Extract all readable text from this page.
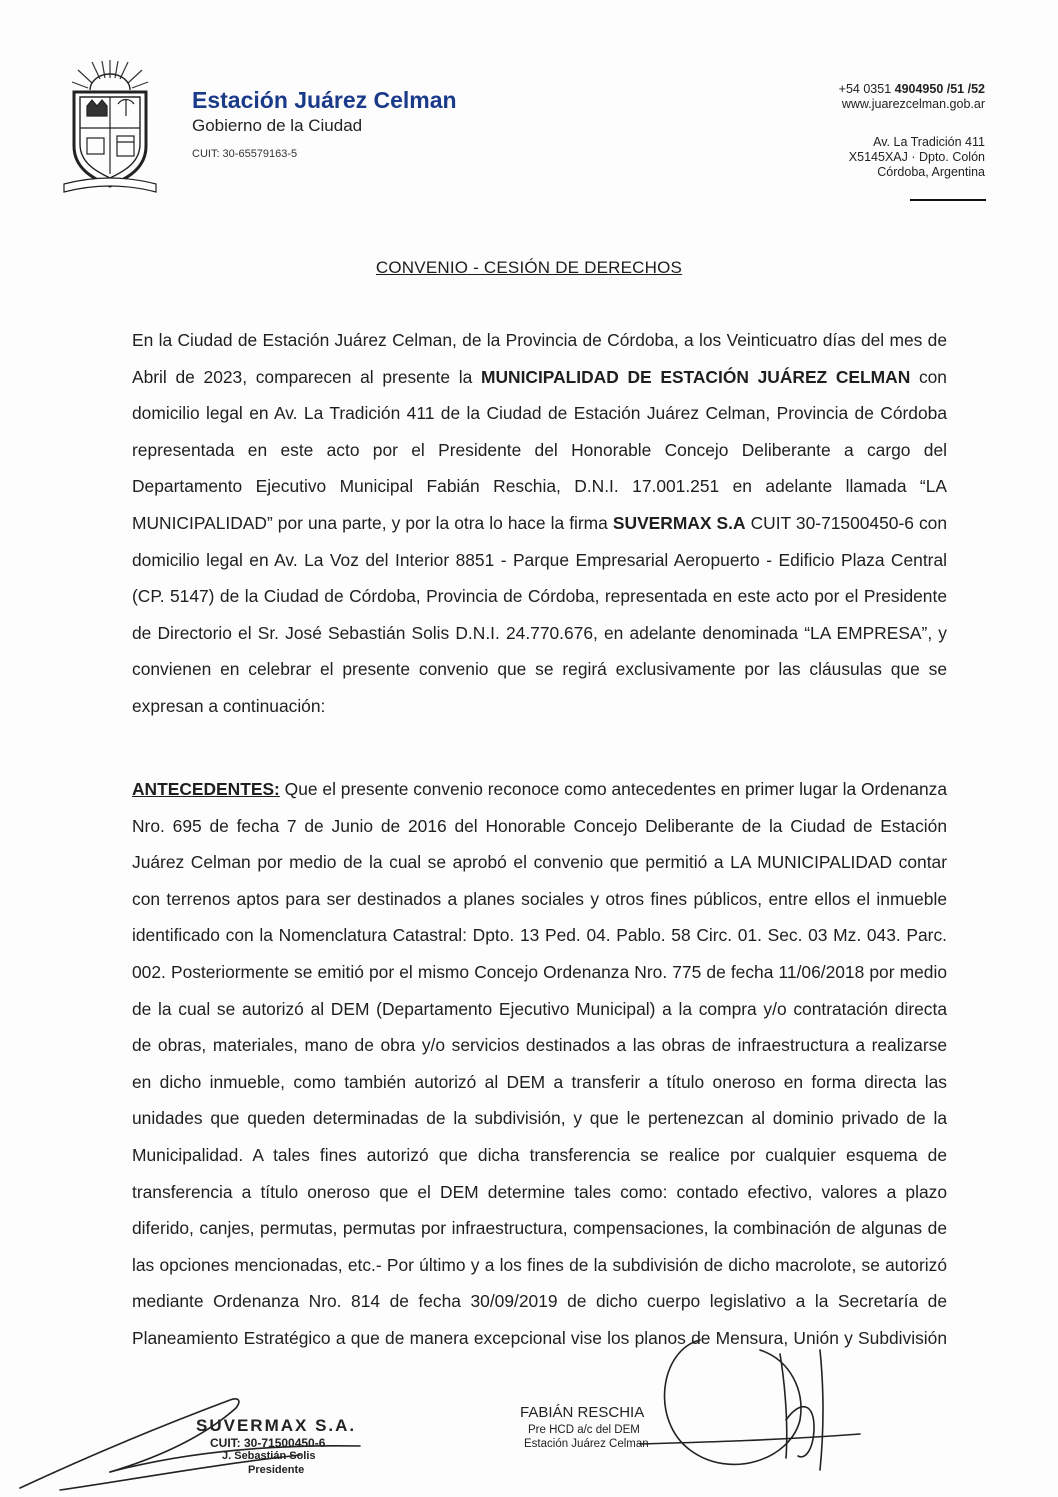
Estación Juárez Celman
Gobierno de la Ciudad
CUIT: 30-65579163-5
+54 0351 4904950 /51 /52
www.juarezcelman.gob.ar
Av. La Tradición 411
X5145XAJ · Dpto. Colón
Córdoba, Argentina
CONVENIO - CESIÓN DE DERECHOS
En la Ciudad de Estación Juárez Celman, de la Provincia de Córdoba, a los Veinticuatro días del mes de
Abril de 2023, comparecen al presente la MUNICIPALIDAD DE ESTACIÓN JUÁREZ CELMAN con
domicilio legal en Av. La Tradición 411 de la Ciudad de Estación Juárez Celman, Provincia de Córdoba
representada en este acto por el Presidente del Honorable Concejo Deliberante a cargo del
Departamento Ejecutivo Municipal Fabián Reschia, D.N.I. 17.001.251 en adelante llamada “LA
MUNICIPALIDAD” por una parte, y por la otra lo hace la firma SUVERMAX S.A CUIT 30-71500450-6 con
domicilio legal en Av. La Voz del Interior 8851 - Parque Empresarial Aeropuerto - Edificio Plaza Central
(CP. 5147) de la Ciudad de Córdoba, Provincia de Córdoba, representada en este acto por el Presidente
de Directorio el Sr. José Sebastián Solis D.N.I. 24.770.676, en adelante denominada “LA EMPRESA”, y
convienen en celebrar el presente convenio que se regirá exclusivamente por las cláusulas que se
expresan a continuación:
ANTECEDENTES: Que el presente convenio reconoce como antecedentes en primer lugar la Ordenanza
Nro. 695 de fecha 7 de Junio de 2016 del Honorable Concejo Deliberante de la Ciudad de Estación
Juárez Celman por medio de la cual se aprobó el convenio que permitió a LA MUNICIPALIDAD contar
con terrenos aptos para ser destinados a planes sociales y otros fines públicos, entre ellos el inmueble
identificado con la Nomenclatura Catastral: Dpto. 13 Ped. 04. Pablo. 58 Circ. 01. Sec. 03 Mz. 043. Parc.
002. Posteriormente se emitió por el mismo Concejo Ordenanza Nro. 775 de fecha 11/06/2018 por medio
de la cual se autorizó al DEM (Departamento Ejecutivo Municipal) a la compra y/o contratación directa
de obras, materiales, mano de obra y/o servicios destinados a las obras de infraestructura a realizarse
en dicho inmueble, como también autorizó al DEM a transferir a título oneroso en forma directa las
unidades que queden determinadas de la subdivisión, y que le pertenezcan al dominio privado de la
Municipalidad. A tales fines autorizó que dicha transferencia se realice por cualquier esquema de
transferencia a título oneroso que el DEM determine tales como: contado efectivo, valores a plazo
diferido, canjes, permutas, permutas por infraestructura, compensaciones, la combinación de algunas de
las opciones mencionadas, etc.- Por último y a los fines de la subdivisión de dicho macrolote, se autorizó
mediante Ordenanza Nro. 814 de fecha 30/09/2019 de dicho cuerpo legislativo a la Secretaría de
Planeamiento Estratégico a que de manera excepcional vise los planos de Mensura, Unión y Subdivisión
SUVERMAX S.A.
CUIT: 30-71500450-6
J. Sebastián Solis
Presidente
FABIÁN RESCHIA
Pre HCD a/c del DEM
Estación Juárez Celman
